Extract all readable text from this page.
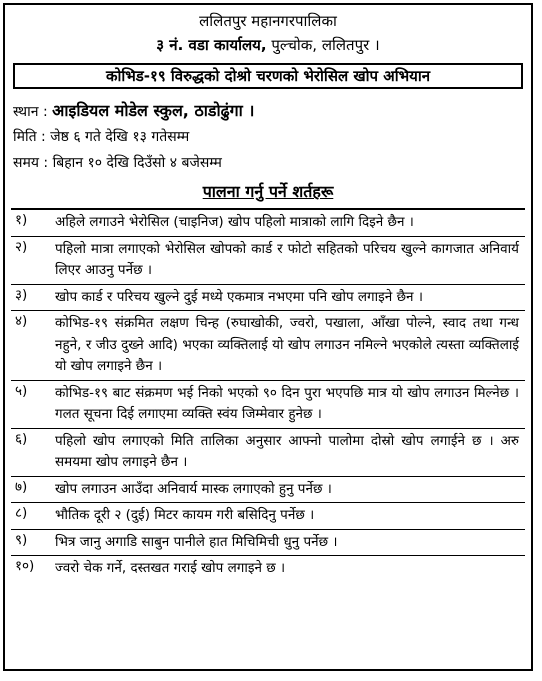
ललितपुर महानगरपालिका
३ नं. वडा कार्यालय, पुल्चोक, ललितपुर ।
कोभिड-१९ विरुद्धको दोश्रो चरणको भेरोसिल खोप अभियान
स्थान : आइडियल मोडेल स्कुल, ठाडोढुंगा ।
मिति : जेष्ठ ६ गते देखि १३ गतेसम्म
समय : बिहान १० देखि दिउँसो ४ बजेसम्म
पालना गर्नु पर्ने शर्तहरू
१)	अहिले लगाउने भेरोसिल (चाइनिज) खोप पहिलो मात्राको लागि दिइने छैन ।
२)	पहिलो मात्रा लगाएको भेरोसिल खोपको कार्ड र फोटो सहितको परिचय खुल्ने कागजात अनिवार्य लिएर आउनु पर्नेछ ।
३)	खोप कार्ड र परिचय खुल्ने दुई मध्ये एकमात्र नभएमा पनि खोप लगाइने छैन ।
४)	कोभिड-१९ संक्रमित लक्षण चिन्ह (रुघाखोकी, ज्वरो, पखाला, आँखा पोल्ने, स्वाद तथा गन्ध नहुने, र जीउ दुख्ने आदि) भएका व्यक्तिलाई यो खोप लगाउन नमिल्ने भएकोले त्यस्ता व्यक्तिलाई यो खोप लगाइने छैन ।
५)	कोभिड-१९ बाट संक्रमण भई निको भएको ९० दिन पुरा भएपछि मात्र यो खोप लगाउन मिल्नेछ । गलत सूचना दिई लगाएमा व्यक्ति स्वंय जिम्मेवार हुनेछ ।
६)	पहिलो खोप लगाएको मिति तालिका अनुसार आफ्नो पालोमा दोस्रो खोप लगाईने छ । अरु समयमा खोप लगाइने छैन ।
७)	खोप लगाउन आउँदा अनिवार्य मास्क लगाएको हुनु पर्नेछ ।
८)	भौतिक दूरी २ (दुई) मिटर कायम गरी बसिदिनु पर्नेछ ।
९)	भित्र जानु अगाडि साबुन पानीले हात मिचिमिची धुनु पर्नेछ ।
१०)	ज्वरो चेक गर्ने, दस्तखत गराई खोप लगाइने छ ।
